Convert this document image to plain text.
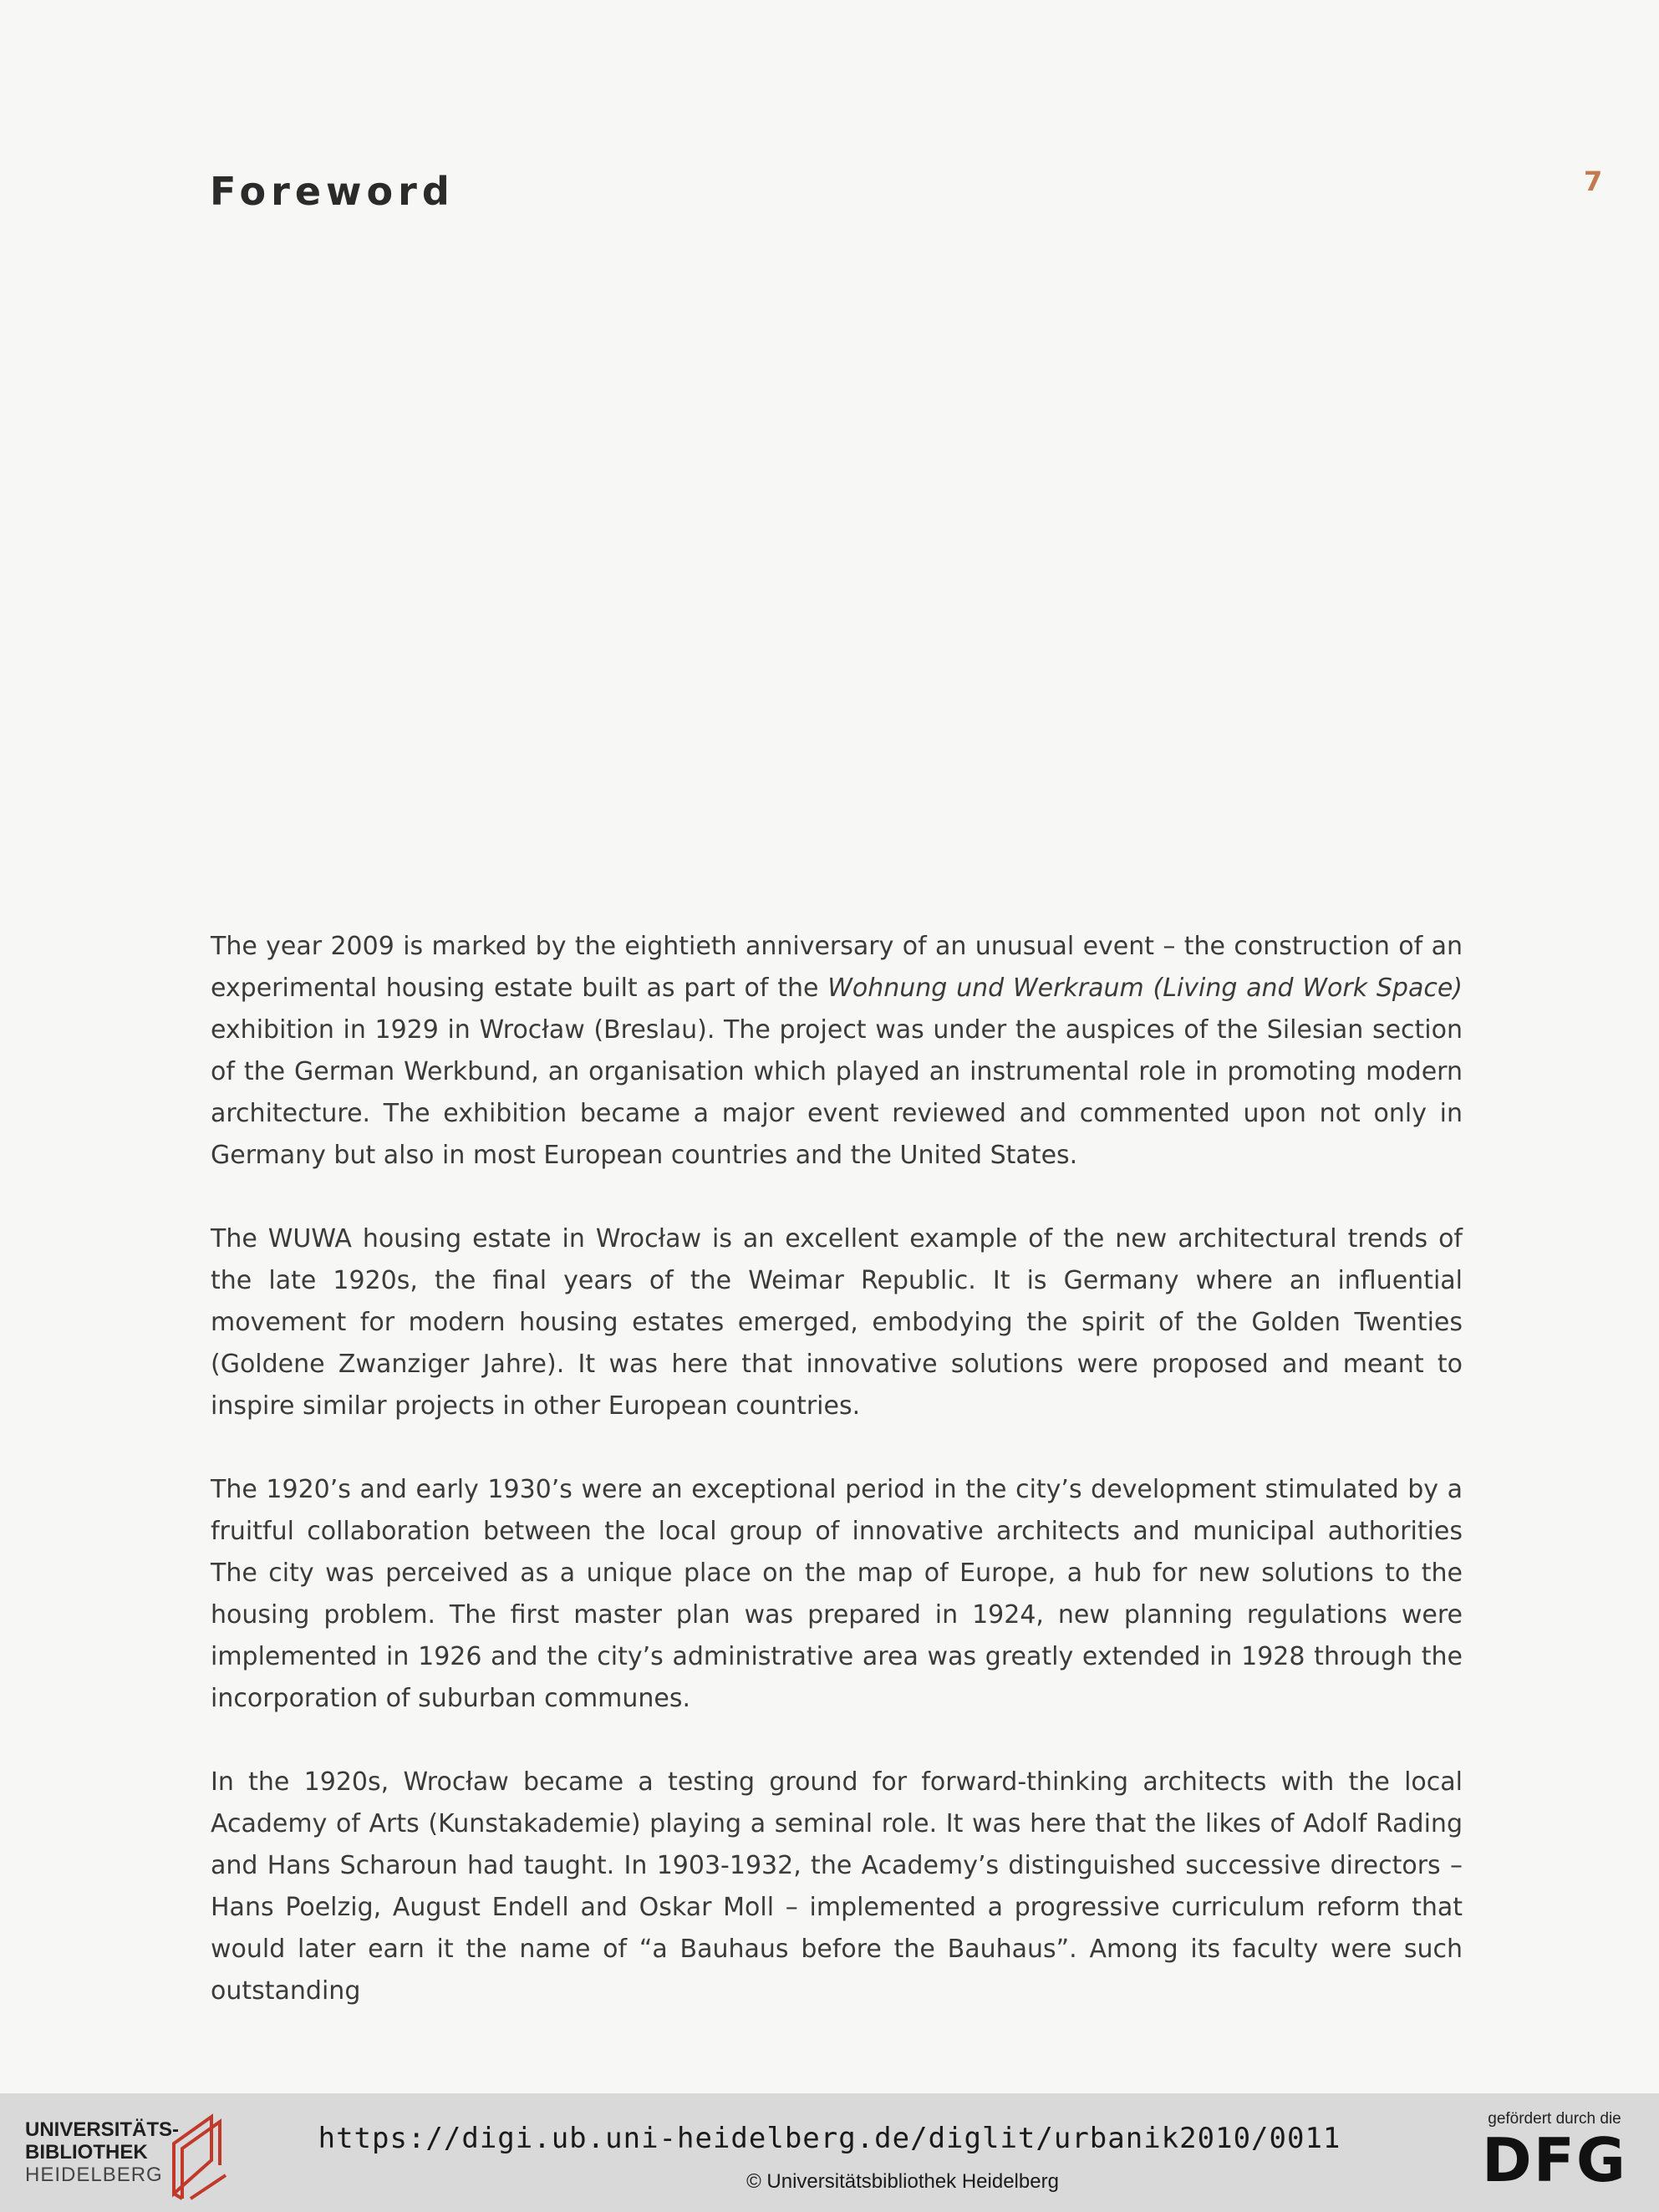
Foreword	7

The year 2009 is marked by the eightieth anniversary of an unusual event – the construction of an experimental housing estate built as part of the Wohnung und Werkraum (Living and Work Space) exhibition in 1929 in Wrocław (Breslau). The project was under the auspices of the Silesian section of the German Werkbund, an organisation which played an instrumental role in promoting modern architecture. The exhibition became a major event reviewed and commented upon not only in Germany but also in most European countries and the United States.

The WUWA housing estate in Wrocław is an excellent example of the new architectural trends of the late 1920s, the final years of the Weimar Republic. It is Germany where an influential movement for modern housing estates emerged, embodying the spirit of the Golden Twenties (Goldene Zwanziger Jahre). It was here that innovative solutions were proposed and meant to inspire similar projects in other European countries.

The 1920’s and early 1930’s were an exceptional period in the city’s development stimulated by a fruitful collaboration between the local group of innovative architects and municipal authorities The city was perceived as a unique place on the map of Europe, a hub for new solutions to the housing problem. The first master plan was prepared in 1924, new planning regulations were implemented in 1926 and the city’s administrative area was greatly extended in 1928 through the incorporation of suburban communes.

In the 1920s, Wrocław became a testing ground for forward-thinking architects with the local Academy of Arts (Kunstakademie) playing a seminal role. It was here that the likes of Adolf Rading and Hans Scharoun had taught. In 1903-1932, the Academy’s distinguished successive directors – Hans Poelzig, August Endell and Oskar Moll – implemented a progressive curriculum reform that would later earn it the name of “a Bauhaus before the Bauhaus”. Among its faculty were such outstanding

UNIVERSITÄTS-
BIBLIOTHEK
HEIDELBERG
https://digi.ub.uni-heidelberg.de/diglit/urbanik2010/0011
© Universitätsbibliothek Heidelberg
gefördert durch die
DFG
